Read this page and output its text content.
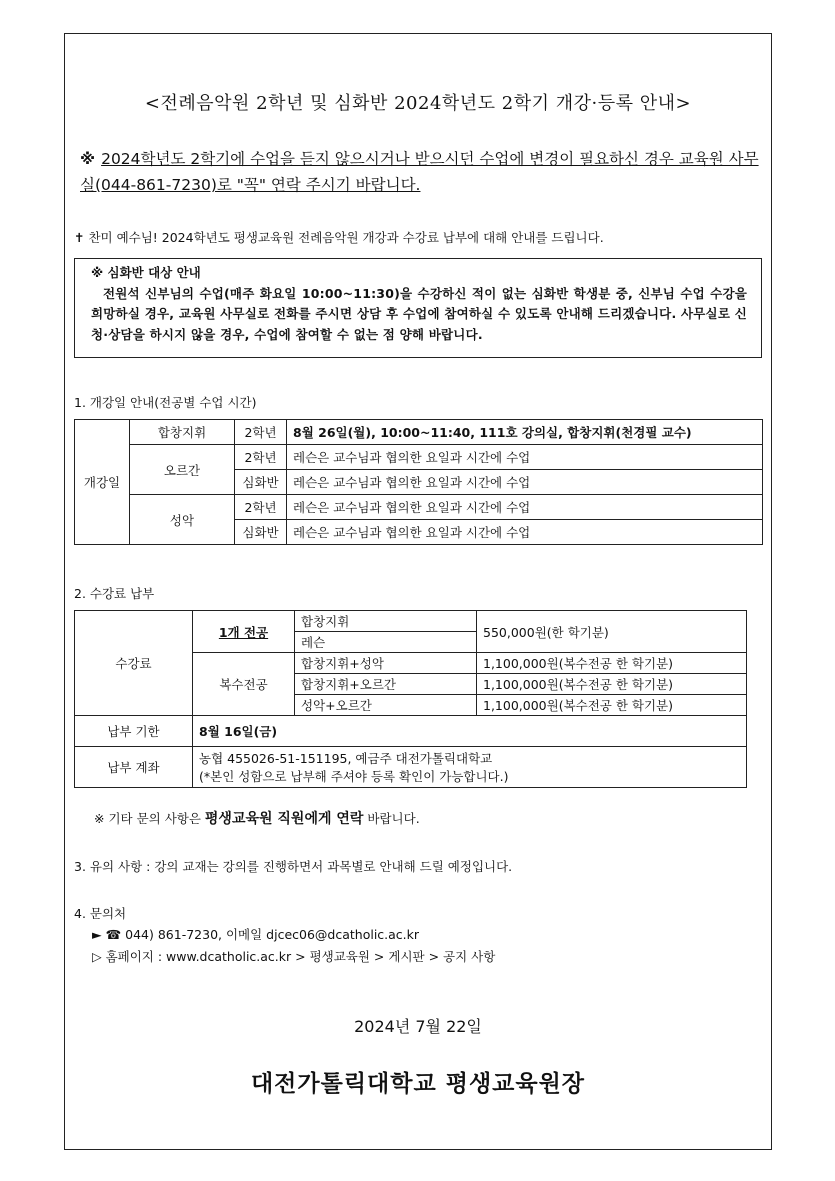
<전례음악원 2학년 및 심화반 2024학년도 2학기 개강·등록 안내>
※ 2024학년도 2학기에 수업을 듣지 않으시거나 받으시던 수업에 변경이 필요하신 경우 교육원 사무실(044-861-7230)로 "꼭" 연락 주시기 바랍니다.
✝ 찬미 예수님! 2024학년도 평생교육원 전례음악원 개강과 수강료 납부에 대해 안내를 드립니다.
※ 심화반 대상 안내

전원석 신부님의 수업(매주 화요일 10:00~11:30)을 수강하신 적이 없는 심화반 학생분 중, 신부님 수업 수강을 희망하실 경우, 교육원 사무실로 전화를 주시면 상담 후 수업에 참여하실 수 있도록 안내해 드리겠습니다. 사무실로 신청·상담을 하시지 않을 경우, 수업에 참여할 수 없는 점 양해 바랍니다.

1. 개강일 안내(전공별 수업 시간)
개강일	합창지휘	2학년	8월 26일(월), 10:00~11:40, 111호 강의실, 합창지휘(천경필 교수)
	오르간	2학년	레슨은 교수님과 협의한 요일과 시간에 수업
		심화반	레슨은 교수님과 협의한 요일과 시간에 수업
	성악	2학년	레슨은 교수님과 협의한 요일과 시간에 수업
		심화반	레슨은 교수님과 협의한 요일과 시간에 수업
2. 수강료 납부
수강료	1개 전공	합창지휘	550,000원(한 학기분)
		레슨	
	복수전공	합창지휘+성악	1,100,000원(복수전공 한 학기분)
		합창지휘+오르간	1,100,000원(복수전공 한 학기분)
		성악+오르간	1,100,000원(복수전공 한 학기분)
납부 기한	8월 16일(금)		
납부 계좌	농협 455026-51-151195, 예금주 대전가톨릭대학교
(*본인 성함으로 납부해 주셔야 등록 확인이 가능합니다.)		
※ 기타 문의 사항은 평생교육원 직원에게 연락 바랍니다.
3. 유의 사항 : 강의 교재는 강의를 진행하면서 과목별로 안내해 드릴 예정입니다.
4. 문의처
► ☎ 044) 861-7230, 이메일 djcec06@dcatholic.ac.kr
▷ 홈페이지 : www.dcatholic.ac.kr > 평생교육원 > 게시판 > 공지 사항
2024년 7월 22일
대전가톨릭대학교 평생교육원장
